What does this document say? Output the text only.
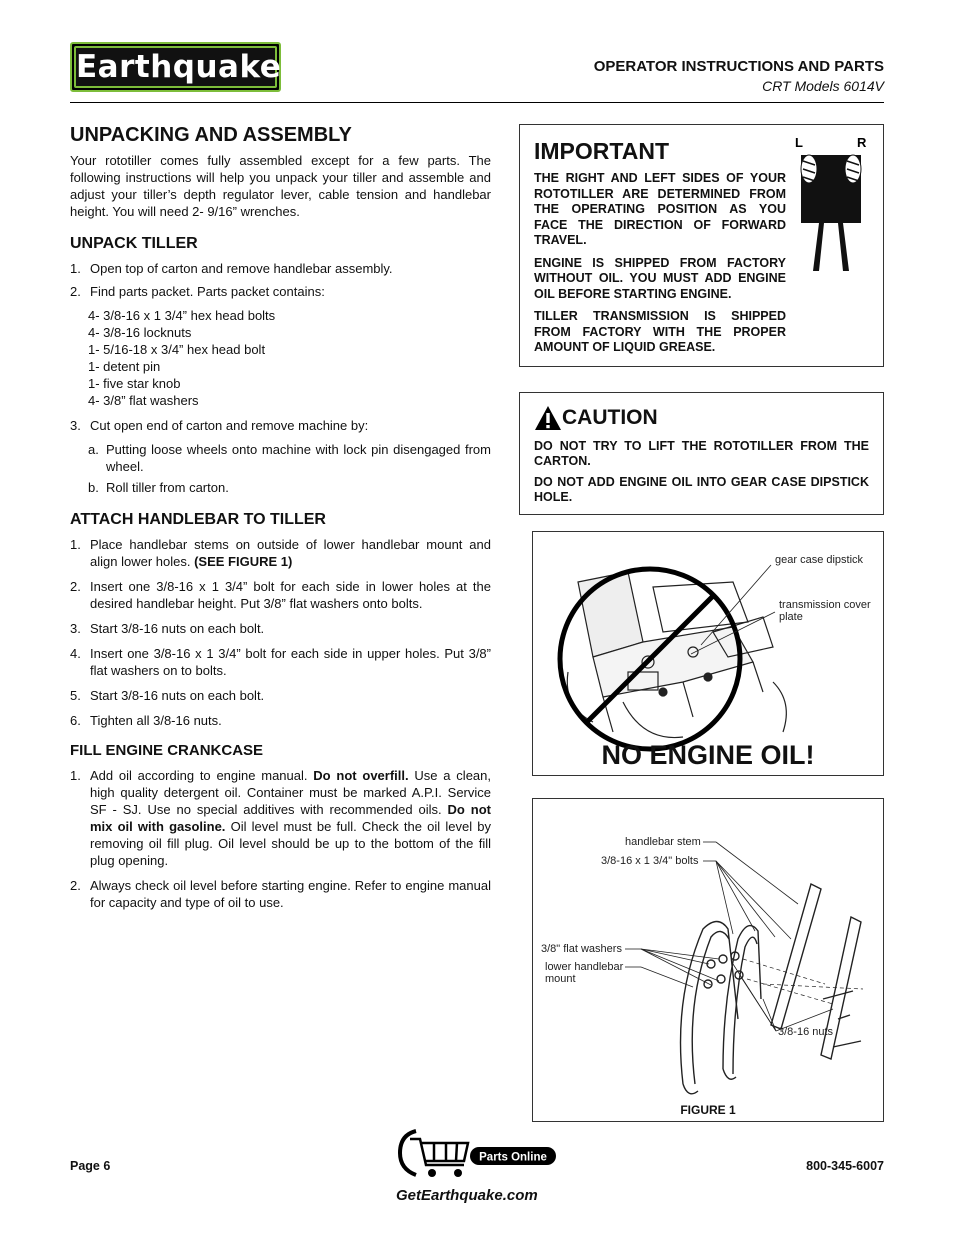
Earthquake	OPERATOR INSTRUCTIONS AND PARTS
CRT Models 6014V
UNPACKING AND ASSEMBLY

Your rototiller comes fully assembled except for a few parts. The following instructions will help you unpack your tiller and assemble and adjust your tiller’s depth regulator lever, cable tension and handlebar height. You will need 2- 9/16” wrenches.

UNPACK TILLER
1. Open top of carton and remove handlebar assembly.
2. Find parts packet. Parts packet contains:
4- 3/8-16 x 1 3/4” hex head bolts
4- 3/8-16 locknuts
1- 5/16-18 x 3/4” hex head bolt
1- detent pin
1- five star knob
4- 3/8” flat washers
3. Cut open end of carton and remove machine by:
a. Putting loose wheels onto machine with lock pin disengaged from wheel.
b. Roll tiller from carton.
ATTACH HANDLEBAR TO TILLER
1. Place handlebar stems on outside of lower handlebar mount and align lower holes. (SEE FIGURE 1)
2. Insert one 3/8-16 x 1 3/4” bolt for each side in lower holes at the desired handlebar height. Put 3/8” flat washers onto bolts.
3. Start 3/8-16 nuts on each bolt.
4. Insert one 3/8-16 x 1 3/4” bolt for each side in upper holes. Put 3/8” flat washers on to bolts.
5. Start 3/8-16 nuts on each bolt.
6. Tighten all 3/8-16 nuts.
FILL ENGINE CRANKCASE
1. Add oil according to engine manual. Do not overfill. Use a clean, high quality detergent oil. Container must be marked A.P.I. Service SF - SJ. Use no special additives with recommended oils. Do not mix oil with gasoline. Oil level must be full. Check the oil level by removing oil fill plug. Oil level should be up to the bottom of the fill plug opening.
2. Always check oil level before starting engine. Refer to engine manual for capacity and type of oil to use.
IMPORTANT

THE RIGHT AND LEFT SIDES OF YOUR ROTOTILLER ARE DETERMINED FROM THE OPERATING POSITION AS YOU FACE THE DIRECTION OF FORWARD TRAVEL.

ENGINE IS SHIPPED FROM FACTORY WITHOUT OIL. YOU MUST ADD ENGINE OIL BEFORE STARTING ENGINE.

TILLER TRANSMISSION IS SHIPPED FROM FACTORY WITH THE PROPER AMOUNT OF LIQUID GREASE.

L	R
CAUTION

DO NOT TRY TO LIFT THE ROTOTILLER FROM THE CARTON.

DO NOT ADD ENGINE OIL INTO GEAR CASE DIPSTICK HOLE.

gear case dipstick
transmission cover plate
NO ENGINE OIL!
handlebar stem
3/8-16 x 1 3/4" bolts
3/8" flat washers
lower handlebar mount
3/8-16 nuts
FIGURE 1
Page 6
Parts Online
GetEarthquake.com
800-345-6007
